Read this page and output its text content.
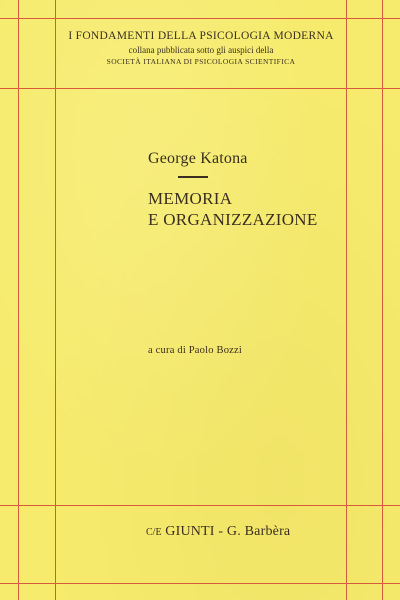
I FONDAMENTI DELLA PSICOLOGIA MODERNA
collana pubblicata sotto gli auspici della
SOCIETÀ ITALIANA DI PSICOLOGIA SCIENTIFICA
George Katona
MEMORIA
E ORGANIZZAZIONE
a cura di Paolo Bozzi
C/E GIUNTI - G. Barbèra
